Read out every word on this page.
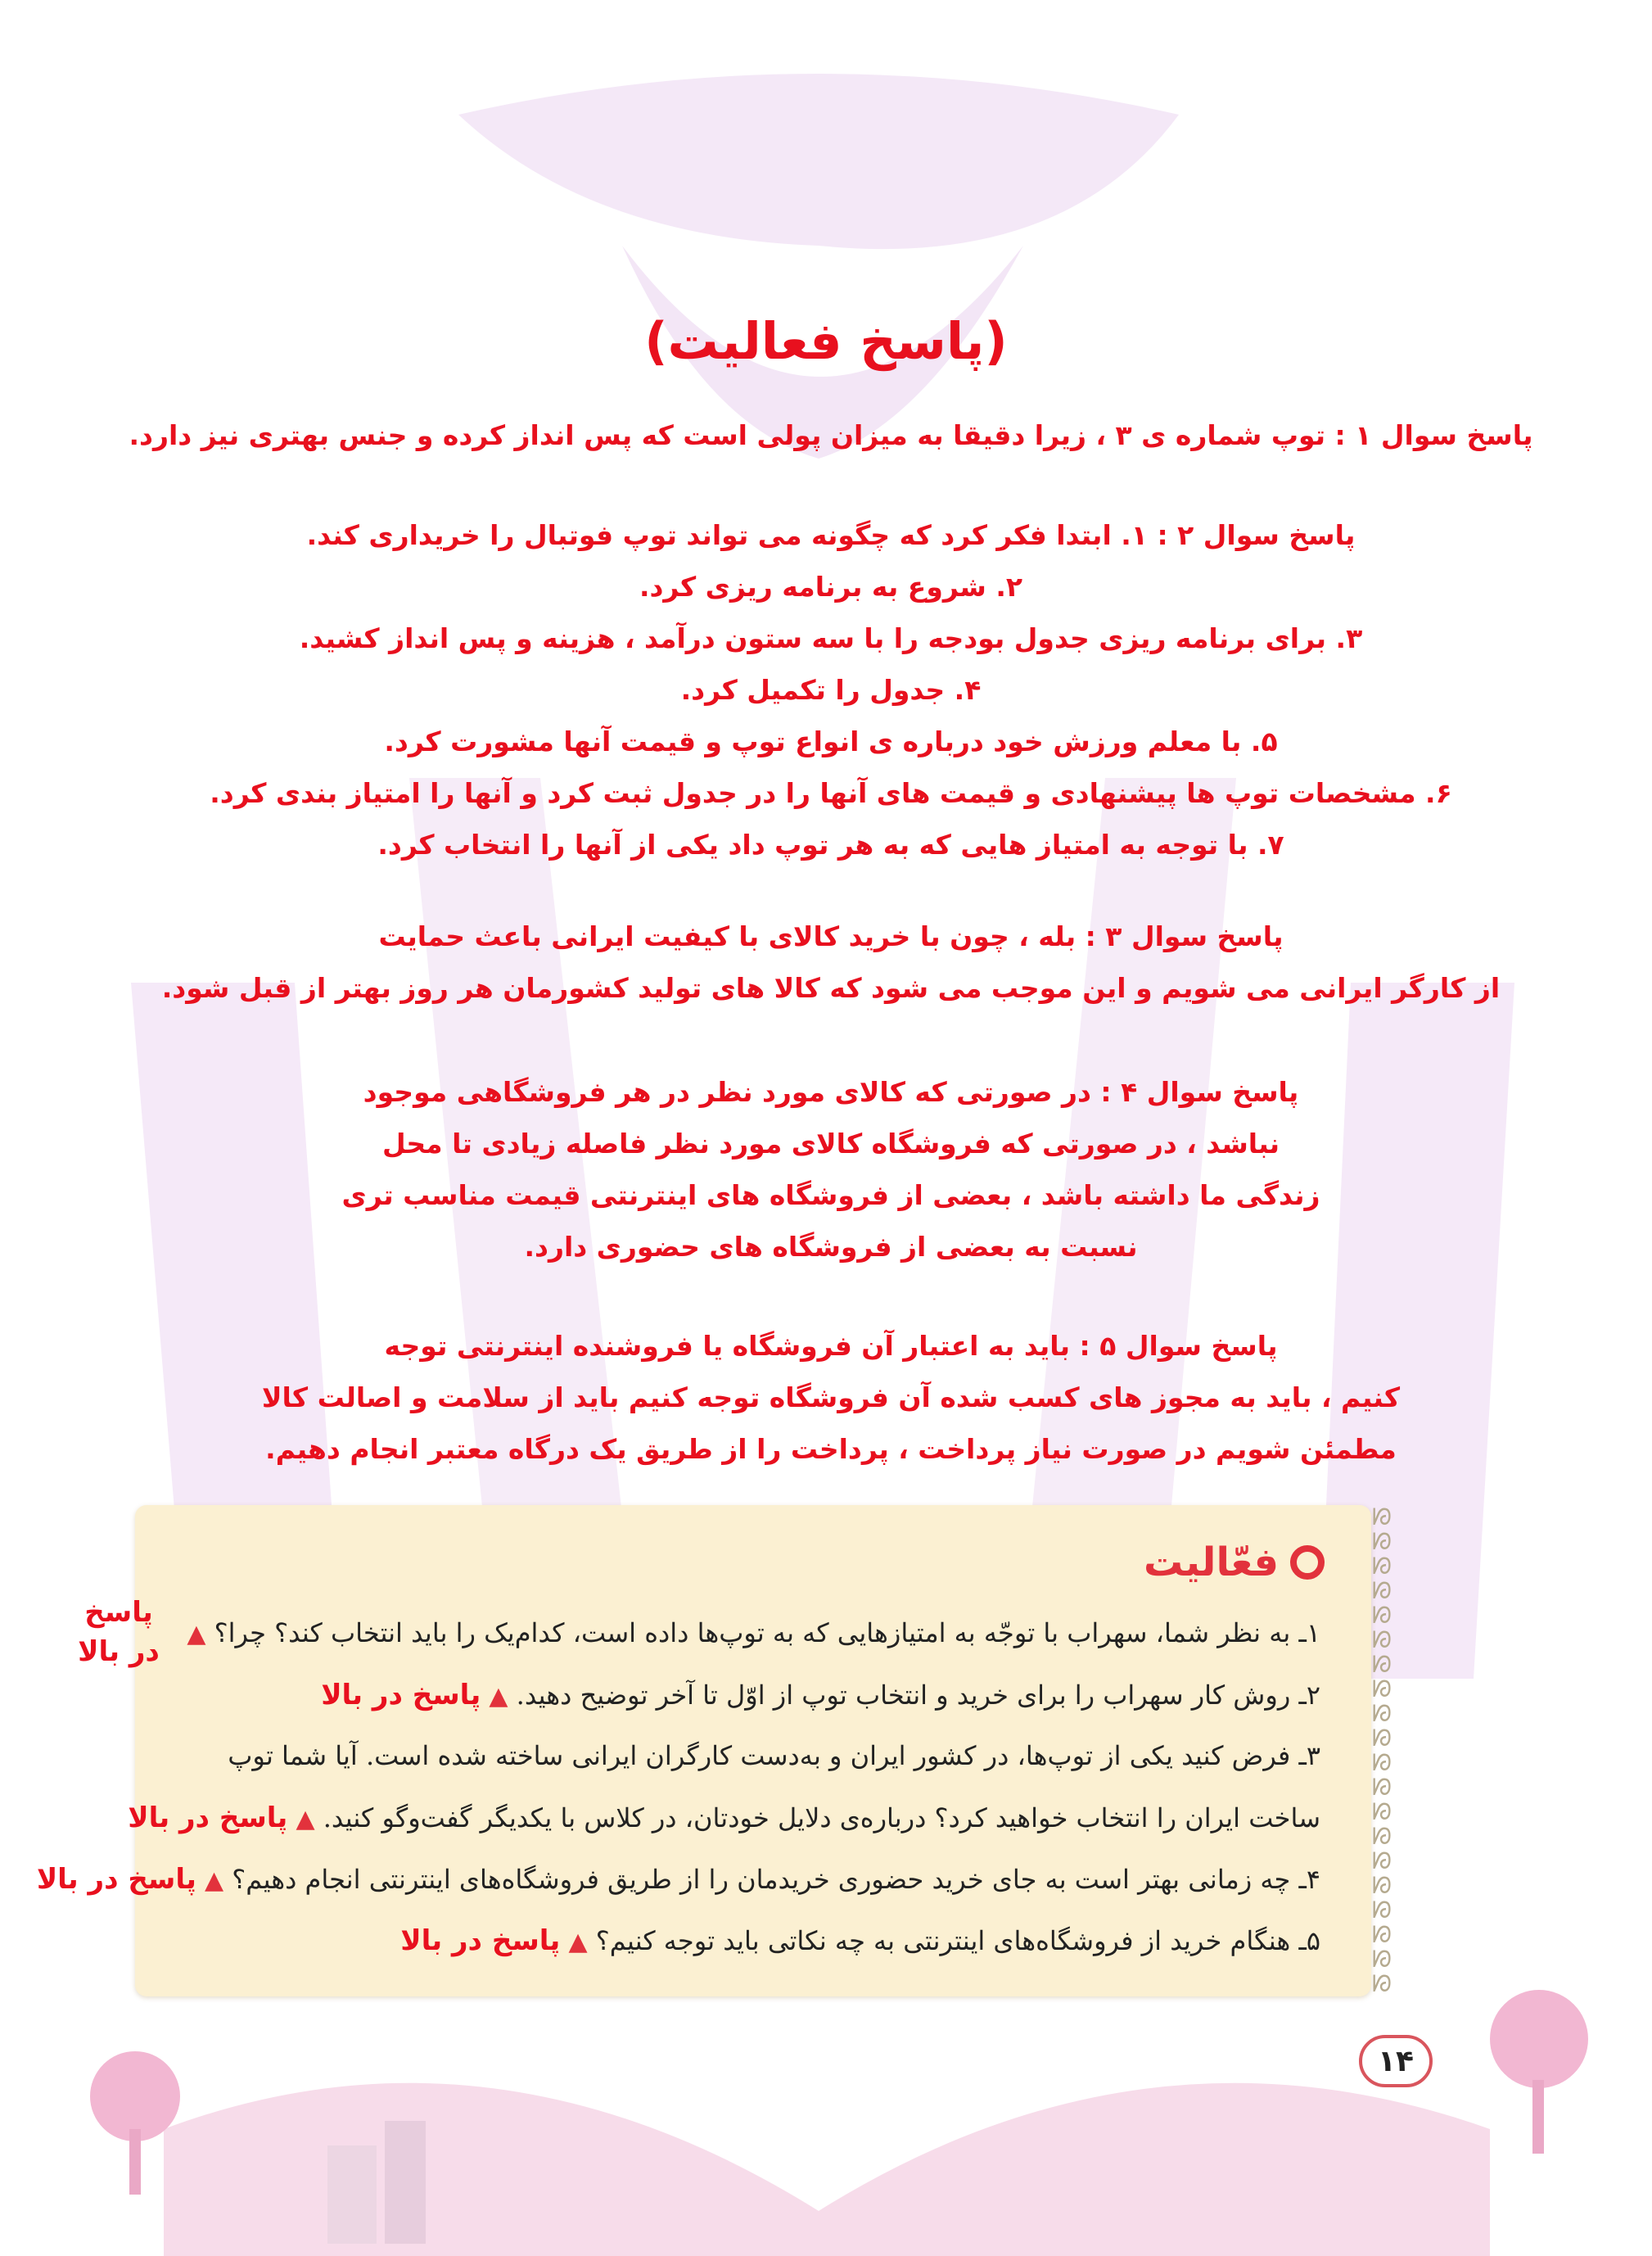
(پاسخ فعالیت)

پاسخ سوال ۱ : توپ شماره ی ۳ ، زیرا دقیقا به میزان پولی است که پس انداز کرده و جنس بهتری نیز دارد.

پاسخ سوال ۲ : ۱. ابتدا فکر کرد که چگونه می تواند توپ فوتبال را خریداری کند.

۲. شروع به برنامه ریزی کرد.

۳. برای برنامه ریزی جدول بودجه را با سه ستون درآمد ، هزینه و پس انداز کشید.

۴. جدول را تکمیل کرد.

۵. با معلم ورزش خود درباره ی انواع توپ و قیمت آنها مشورت کرد.

۶. مشخصات توپ ها پیشنهادی و قیمت های آنها را در جدول ثبت کرد و آنها را امتیاز بندی کرد.

۷. با توجه به امتیاز هایی که به هر توپ داد یکی از آنها را انتخاب کرد.

پاسخ سوال ۳ : بله ، چون با خرید کالای با کیفیت ایرانی باعث حمایت

از کارگر ایرانی می شویم و این موجب می شود که کالا های تولید کشورمان هر روز بهتر از قبل شود.

پاسخ سوال ۴ : در صورتی که کالای مورد نظر در هر فروشگاهی موجود

نباشد ، در صورتی که فروشگاه کالای مورد نظر فاصله زیادی تا محل

زندگی ما داشته باشد ، بعضی از فروشگاه های اینترنتی قیمت مناسب تری

نسبت به بعضی از فروشگاه های حضوری دارد.

پاسخ سوال ۵ : باید به اعتبار آن فروشگاه یا فروشنده اینترنتی توجه

کنیم ، باید به مجوز های کسب شده آن فروشگاه توجه کنیم باید از سلامت و اصالت کالا

مطمئن شویم در صورت نیاز پرداخت ، پرداخت را از طریق یک درگاه معتبر انجام دهیم.

ᘗ
ᘗ
ᘗ
ᘗ
ᘗ
ᘗ
ᘗ
ᘗ
ᘗ
ᘗ
ᘗ
ᘗ
ᘗ
ᘗ
ᘗ
ᘗ
ᘗ
ᘗ
ᘗ
ᘗ
فعّالیت
۱ـ به نظر شما، سهراب با توجّه به امتیازهایی که به توپ‌ها داده است، کدام‌یک را باید انتخاب کند؟ چرا؟ ▲
پاسخ
در بالا
۲ـ روش کار سهراب را برای خرید و انتخاب توپ از اوّل تا آخر توضیح دهید. ▲ پاسخ در بالا
۳ـ فرض کنید یکی از توپ‌ها، در کشور ایران و به‌دست کارگران ایرانی ساخته شده است. آیا شما توپ
ساخت ایران را انتخاب خواهید کرد؟ درباره‌ی دلایل خودتان، در کلاس با یکدیگر گفت‌وگو کنید. ▲ پاسخ در بالا
۴ـ چه زمانی بهتر است به جای خرید حضوری خریدمان را از طریق فروشگاه‌های اینترنتی انجام دهیم؟ ▲ پاسخ در بالا
۵ـ هنگام خرید از فروشگاه‌های اینترنتی به چه نکاتی باید توجه کنیم؟ ▲ پاسخ در بالا
۱۴
